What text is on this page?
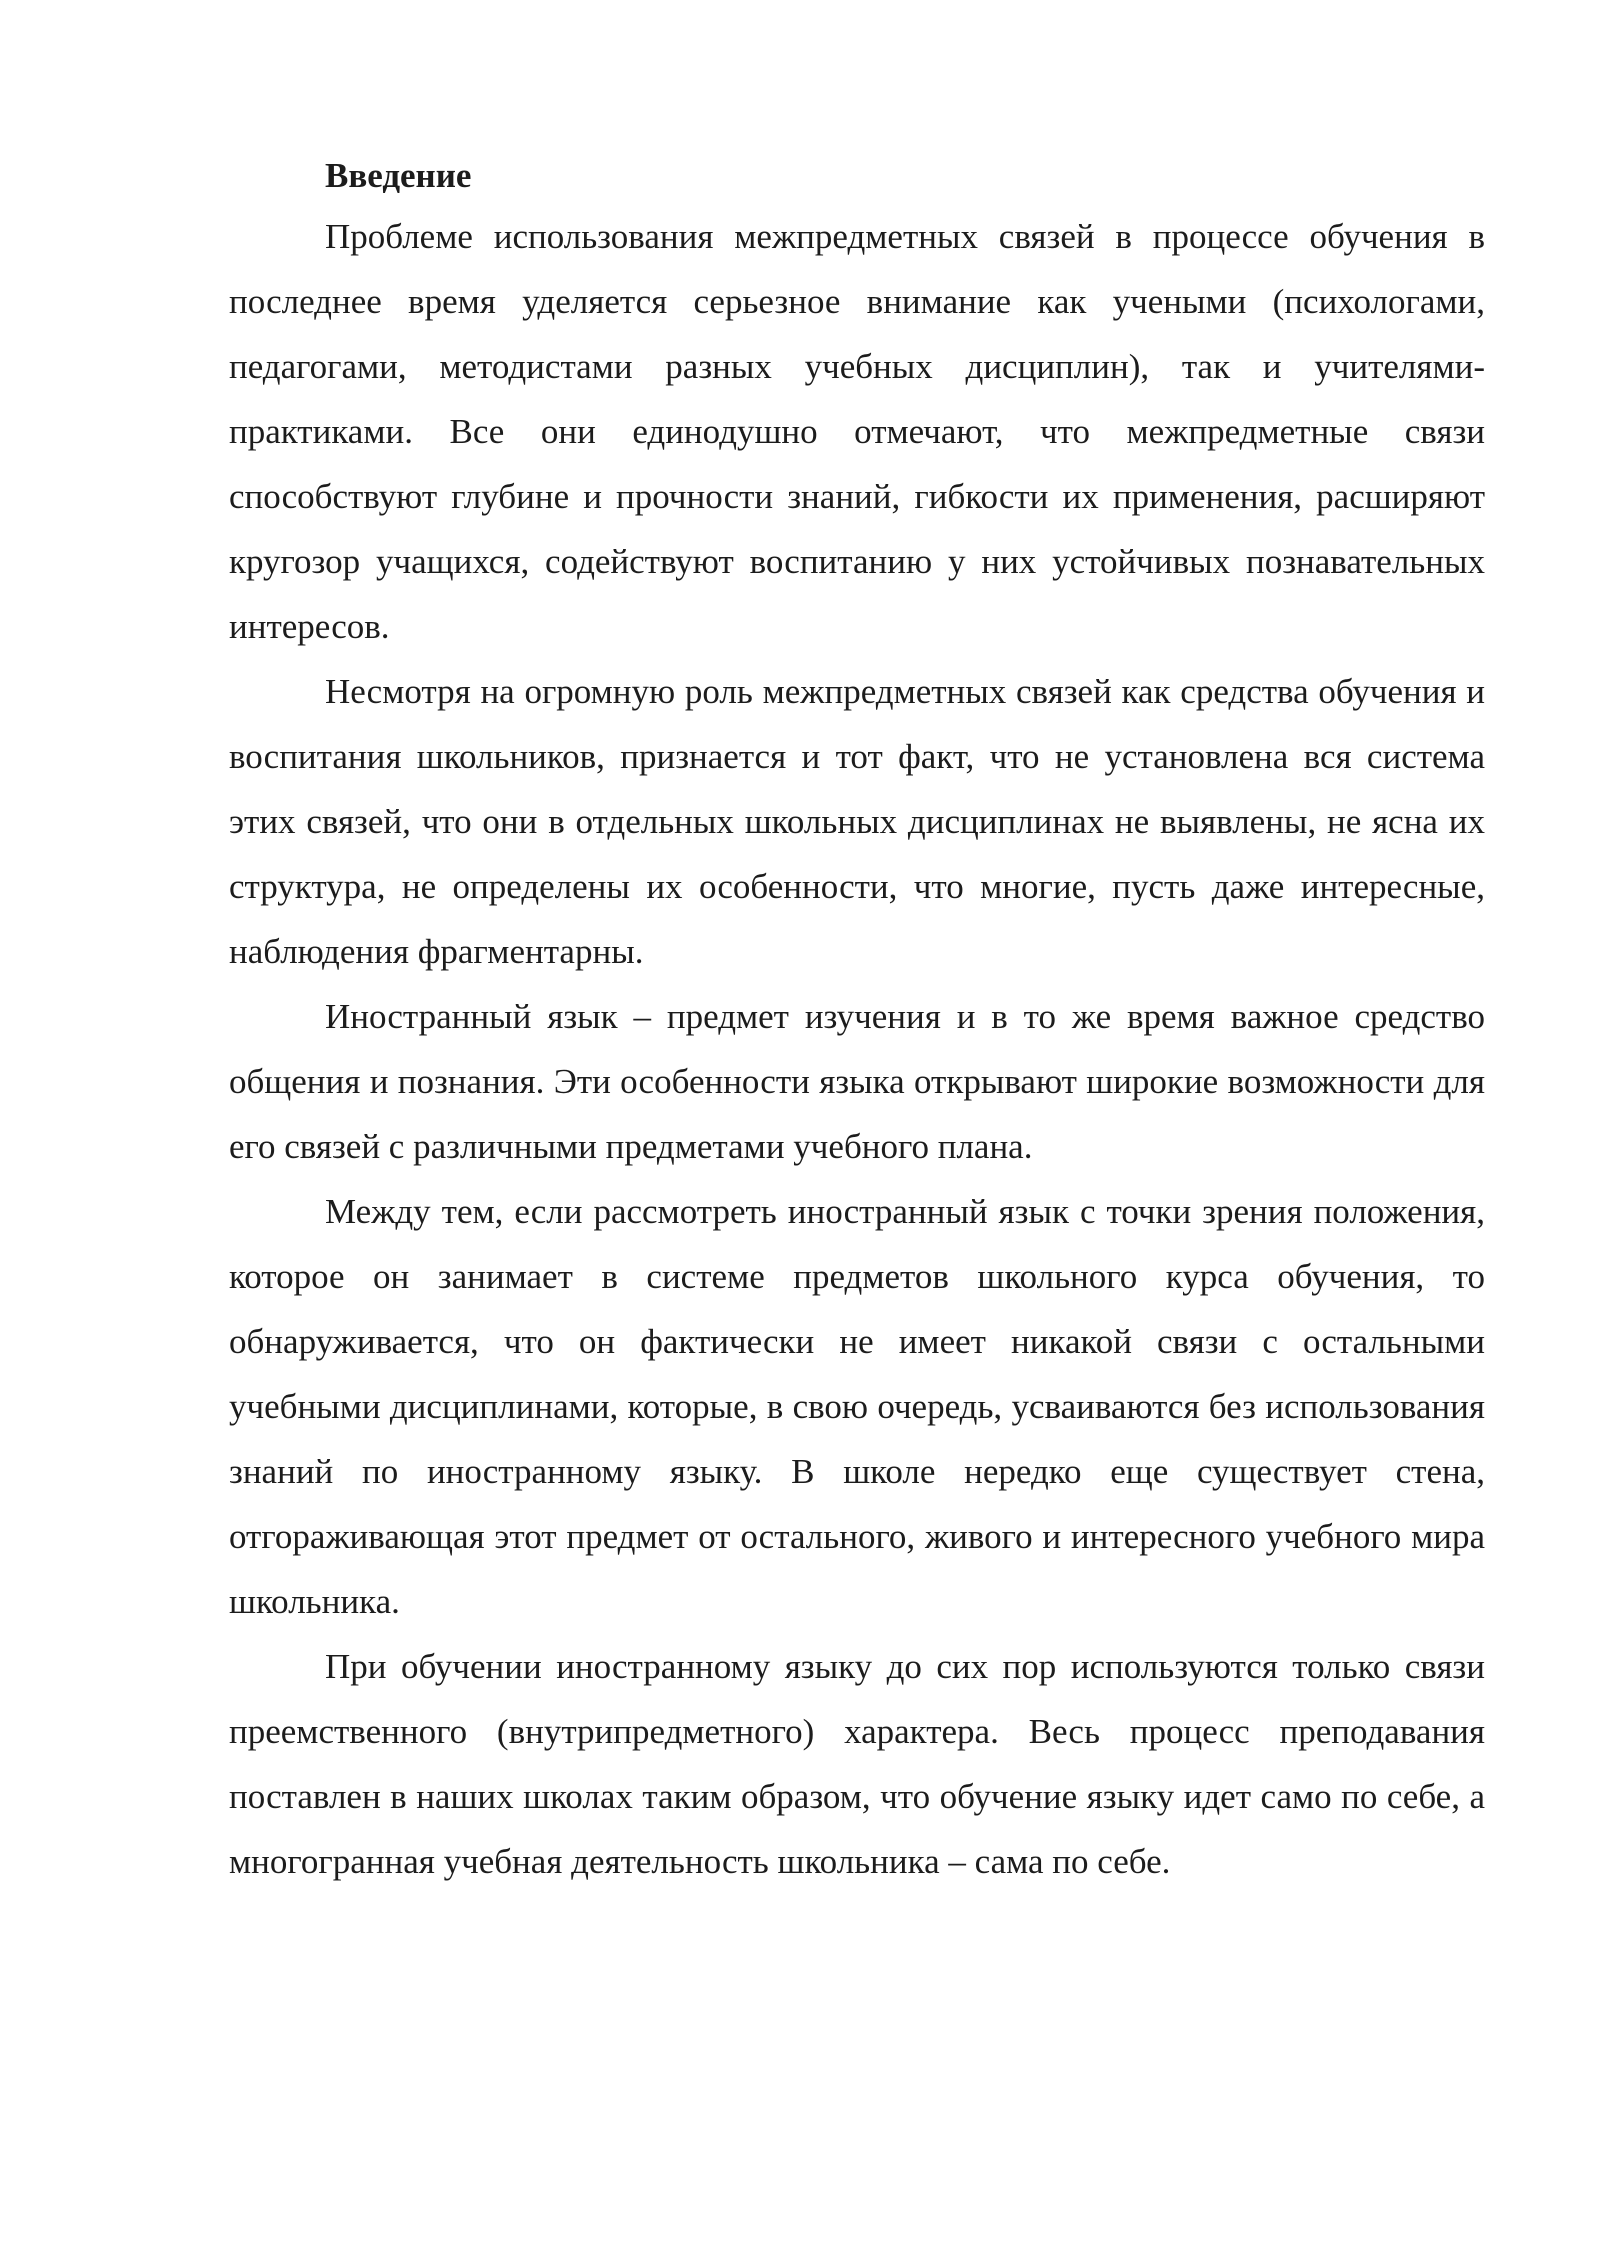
Введение

Проблеме использования межпредметных связей в процессе обучения в последнее время уделяется серьезное внимание как учеными (психологами, педагогами, методистами разных учебных дисциплин), так и учителями-практиками. Все они единодушно отмечают, что межпредметные связи способствуют глубине и прочности знаний, гибкости их применения, расширяют кругозор учащихся, содействуют воспитанию у них устойчивых познавательных интересов.

Несмотря на огромную роль межпредметных связей как средства обучения и воспитания школьников, признается и тот факт, что не установлена вся система этих связей, что они в отдельных школьных дисциплинах не выявлены, не ясна их структура, не определены их особенности, что многие, пусть даже интересные, наблюдения фрагментарны.

Иностранный язык – предмет изучения и в то же время важное средство общения и познания. Эти особенности языка открывают широкие возможности для его связей с различными предметами учебного плана.

Между тем, если рассмотреть иностранный язык с точки зрения положения, которое он занимает в системе предметов школьного курса обучения, то обнаруживается, что он фактически не имеет никакой связи с остальными учебными дисциплинами, которые, в свою очередь, усваиваются без использования знаний по иностранному языку. В школе нередко еще существует стена, отгораживающая этот предмет от остального, живого и интересного учебного мира школьника.

При обучении иностранному языку до сих пор используются только связи преемственного (внутрипредметного) характера. Весь процесс преподавания поставлен в наших школах таким образом, что обучение языку идет само по себе, а многогранная учебная деятельность школьника – сама по себе.
